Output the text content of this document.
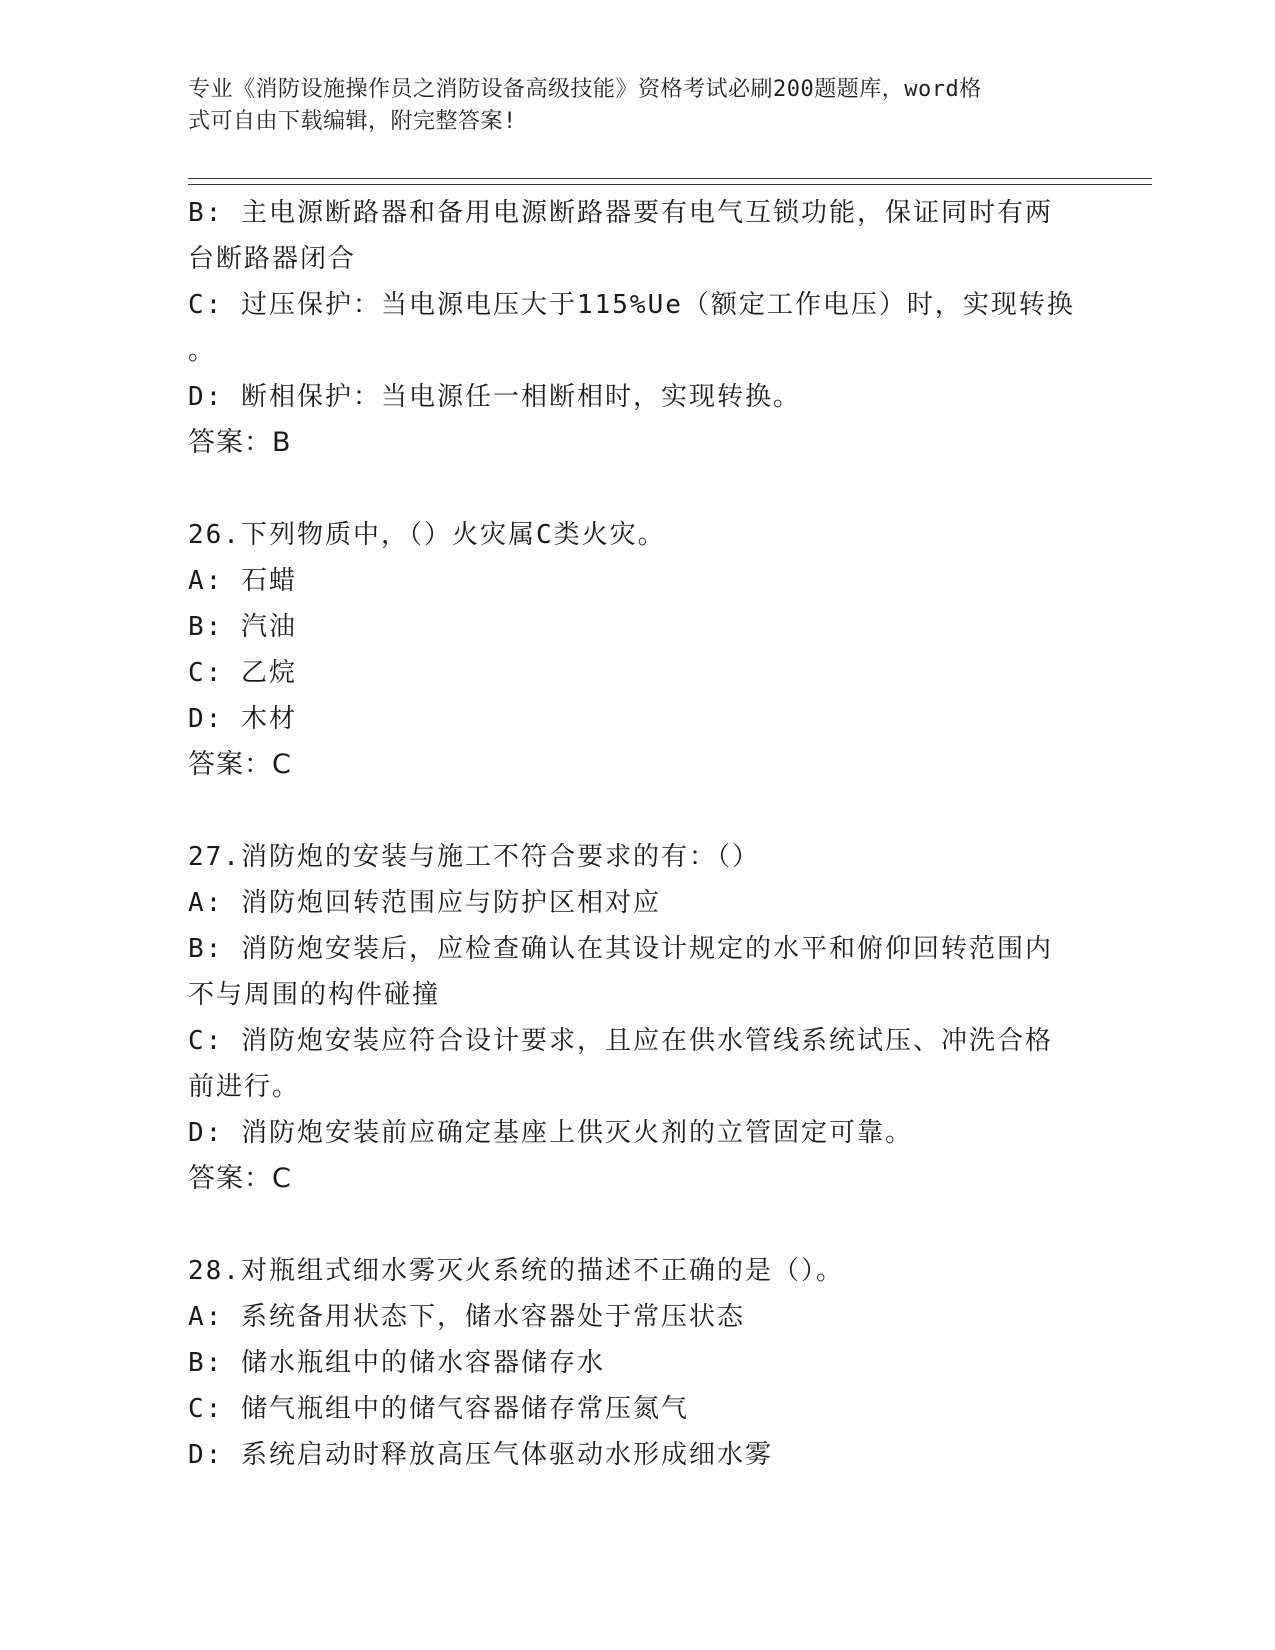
专业《消防设施操作员之消防设备高级技能》资格考试必刷200题题库，word格
式可自由下载编辑，附完整答案!
B: 主电源断路器和备用电源断路器要有电气互锁功能，保证同时有两
台断路器闭合
C: 过压保护：当电源电压大于115%Ue（额定工作电压）时，实现转换
。
D: 断相保护：当电源任一相断相时，实现转换。
答案：B
26.下列物质中，（）火灾属C类火灾。
A: 石蜡
B: 汽油
C: 乙烷
D: 木材
答案：C
27.消防炮的安装与施工不符合要求的有：（）
A: 消防炮回转范围应与防护区相对应
B: 消防炮安装后，应检查确认在其设计规定的水平和俯仰回转范围内
不与周围的构件碰撞
C: 消防炮安装应符合设计要求，且应在供水管线系统试压、冲洗合格
前进行。
D: 消防炮安装前应确定基座上供灭火剂的立管固定可靠。
答案：C
28.对瓶组式细水雾灭火系统的描述不正确的是（）。
A: 系统备用状态下，储水容器处于常压状态
B: 储水瓶组中的储水容器储存水
C: 储气瓶组中的储气容器储存常压氮气
D: 系统启动时释放高压气体驱动水形成细水雾
